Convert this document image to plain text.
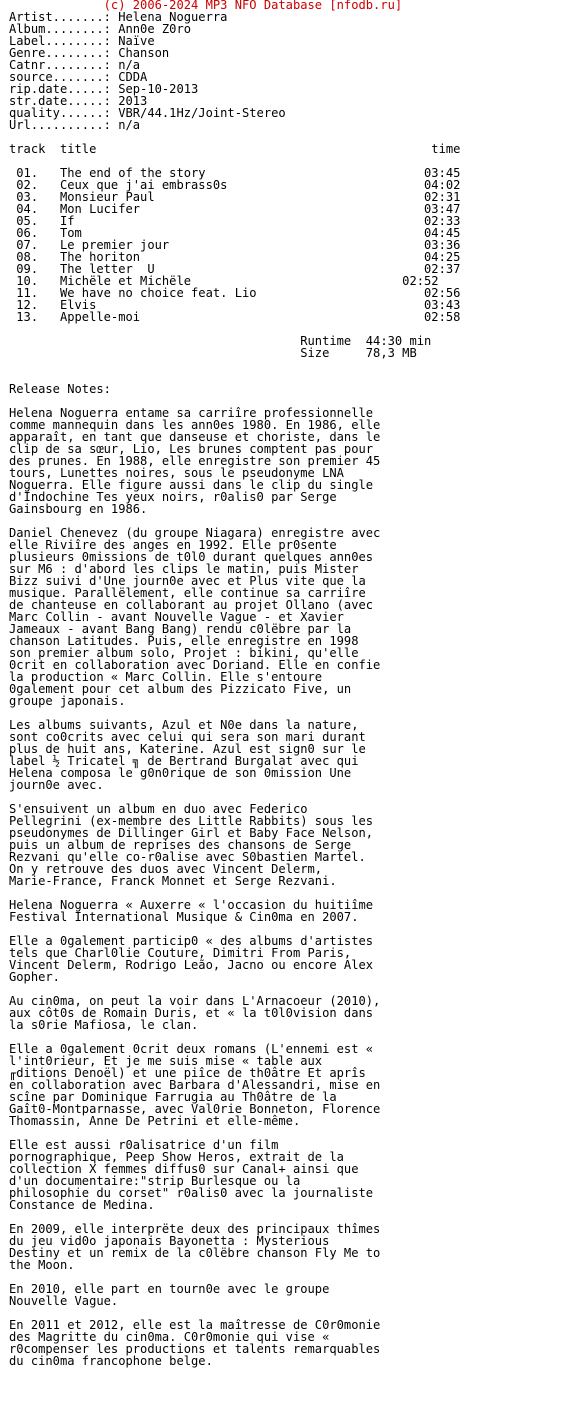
(c) 2006-2024 MP3 NFO Database [nfodb.ru]
Artist.......: Helena Noguerra
Album........: Ann0e Z0ro
Label........: Naïve
Genre........: Chanson
Catnr........: n/a
source.......: CDDA
rip.date.....: Sep-10-2013
str.date.....: 2013
quality......: VBR/44.1Hz/Joint-Stereo
Url..........: n/a

track  title                                              time

01.   The end of the story                              03:45
02.   Ceux que j'ai embrass0s                           04:02
03.   Monsieur Paul                                     02:31
04.   Mon Lucifer                                       03:47
05.   If                                                02:33
06.   Tom                                               04:45
07.   Le premier jour                                   03:36
08.   The horiton                                       04:25
09.   The letter  U                                     02:37
10.   Michële et Michële                             02:52
11.   We have no choice feat. Lio                       02:56
12.   Elvis                                             03:43
13.   Appelle-moi                                       02:58

Runtime  44:30 min
Size     78,3 MB

Release Notes:

Helena Noguerra entame sa carriîre professionnelle
comme mannequin dans les ann0es 1980. En 1986, elle
apparaît, en tant que danseuse et choriste, dans le
clip de sa sœur, Lio, Les brunes comptent pas pour
des prunes. En 1988, elle enregistre son premier 45
tours, Lunettes noires, sous le pseudonyme LNA
Noguerra. Elle figure aussi dans le clip du single
d'Indochine Tes yeux noirs, r0alis0 par Serge
Gainsbourg en 1986.

Daniel Chenevez (du groupe Niagara) enregistre avec
elle Riviîre des anges en 1992. Elle pr0sente
plusieurs 0missions de t0l0 durant quelques ann0es
sur M6 : d'abord les clips le matin, puis Mister
Bizz suivi d'Une journ0e avec et Plus vite que la
musique. Parallëlement, elle continue sa carriîre
de chanteuse en collaborant au projet Ollano (avec
Marc Collin - avant Nouvelle Vague - et Xavier
Jameaux - avant Bang Bang) rendu c0lëbre par la
chanson Latitudes. Puis, elle enregistre en 1998
son premier album solo, Projet : bikini, qu'elle
0crit en collaboration avec Doriand. Elle en confie
la production « Marc Collin. Elle s'entoure
0galement pour cet album des Pizzicato Five, un
groupe japonais.

Les albums suivants, Azul et N0e dans la nature,
sont co0crits avec celui qui sera son mari durant
plus de huit ans, Katerine. Azul est sign0 sur le
label ½ Tricatel ╗ de Bertrand Burgalat avec qui
Helena composa le g0n0rique de son 0mission Une
journ0e avec.

S'ensuivent un album en duo avec Federico
Pellegrini (ex-membre des Little Rabbits) sous les
pseudonymes de Dillinger Girl et Baby Face Nelson,
puis un album de reprises des chansons de Serge
Rezvani qu'elle co-r0alise avec S0bastien Martel.
On y retrouve des duos avec Vincent Delerm,
Marie-France, Franck Monnet et Serge Rezvani.

Helena Noguerra « Auxerre « l'occasion du huitiîme
Festival International Musique & Cin0ma en 2007.

Elle a 0galement particip0 « des albums d'artistes
tels que Charl0lie Couture, Dimitri From Paris,
Vincent Delerm, Rodrigo Leão, Jacno ou encore Alex
Gopher.

Au cin0ma, on peut la voir dans L'Arnacoeur (2010),
aux côt0s de Romain Duris, et « la t0l0vision dans
la s0rie Mafiosa, le clan.

Elle a 0galement 0crit deux romans (L'ennemi est «
l'int0rieur, Et je me suis mise « table aux
╓ditions Denoël) et une piîce de th0âtre Et aprîs
en collaboration avec Barbara d'Alessandri, mise en
scîne par Dominique Farrugia au Th0âtre de la
Gaît0-Montparnasse, avec Val0rie Bonneton, Florence
Thomassin, Anne De Petrini et elle-même.

Elle est aussi r0alisatrice d'un film
pornographique, Peep Show Heros, extrait de la
collection X femmes diffus0 sur Canal+ ainsi que
d'un documentaire:"strip Burlesque ou la
philosophie du corset" r0alis0 avec la journaliste
Constance de Medina.

En 2009, elle interprëte deux des principaux thîmes
du jeu vid0o japonais Bayonetta : Mysterious
Destiny et un remix de la c0lëbre chanson Fly Me to
the Moon.

En 2010, elle part en tourn0e avec le groupe
Nouvelle Vague.

En 2011 et 2012, elle est la maîtresse de C0r0monie
des Magritte du cin0ma. C0r0monie qui vise «
r0compenser les productions et talents remarquables
du cin0ma francophone belge.
